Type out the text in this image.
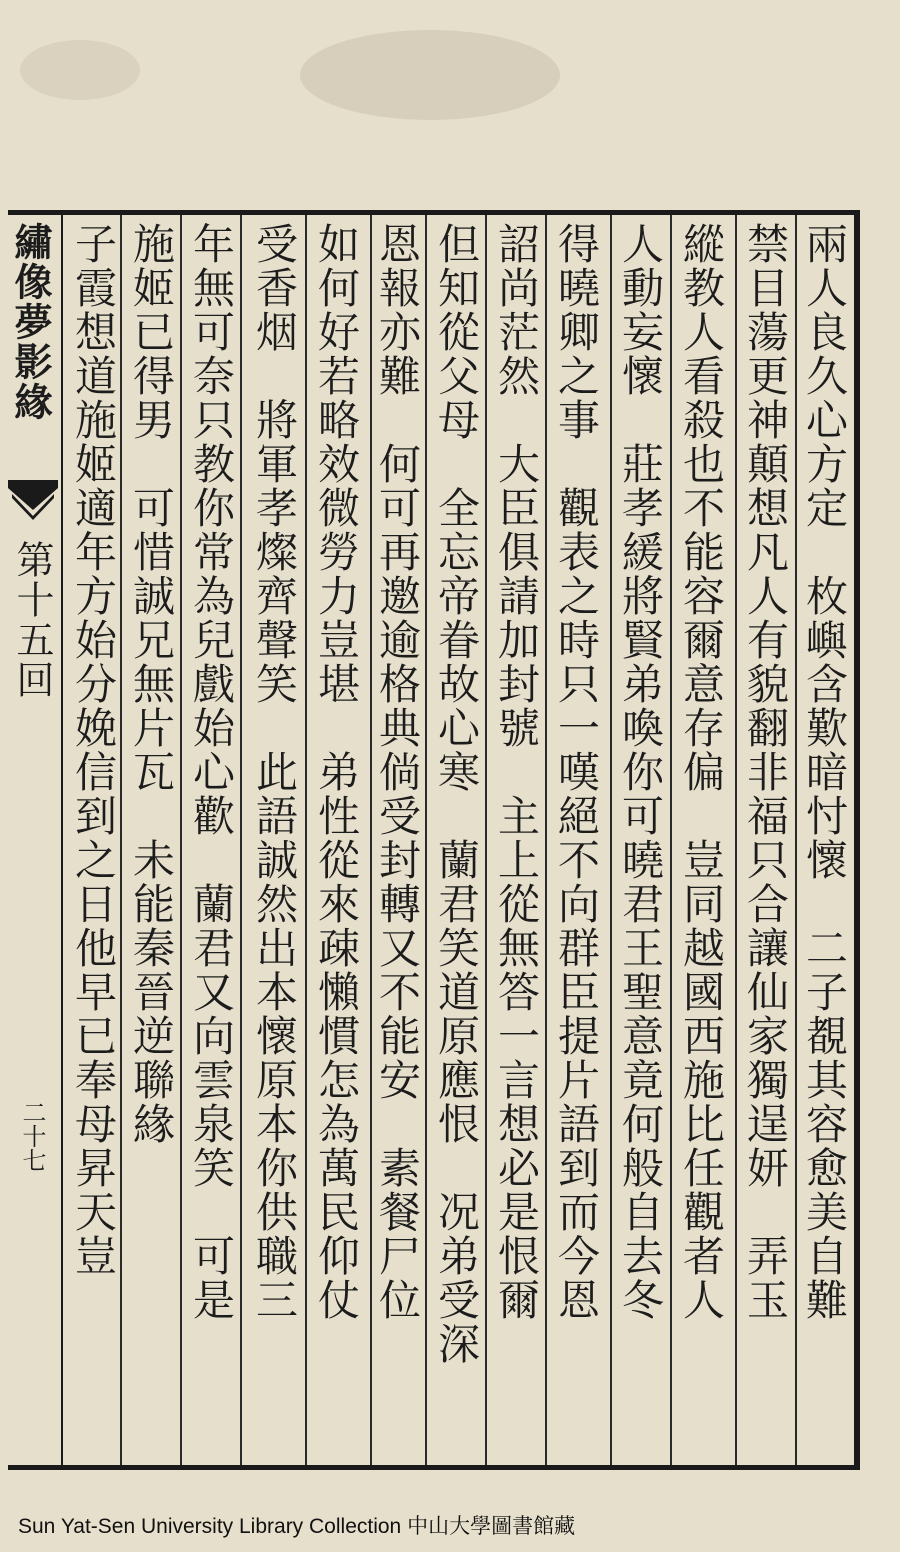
繡像夢影緣
第十五回
二十七	兩人良久心方定　枚嶼含歎暗忖懷　二子覩其容愈美自難
禁目蕩更神顛想凡人有貌翻非福只合讓仙家獨逞妍　弄玉
縱教人看殺也不能容爾意存偏　豈同越國西施比任觀者人
人動妄懷　莊孝緩將賢弟喚你可曉君王聖意竟何般自去冬
得曉卿之事　觀表之時只一嘆絕不向群臣提片語到而今恩
詔尚茫然　大臣俱請加封號　主上從無答一言想必是恨爾
但知從父母　全忘帝眷故心寒　蘭君笑道原應恨　况弟受深
恩報亦難　何可再邀逾格典倘受封轉又不能安　素餐尸位
如何好若略效微勞力豈堪　弟性從來疎懶慣怎為萬民仰仗
受香烟　將軍孝燦齊聲笑　此語誠然出本懷原本你供職三
年無可奈只教你常為兒戲始心歡　蘭君又向雲泉笑　可是
施姬已得男　可惜誠兄無片瓦　未能秦晉逆聯緣
子霞想道施姬適年方始分娩信到之日他早已奉母昇天豈
Sun Yat-Sen University Library Collection 中山大學圖書館藏
